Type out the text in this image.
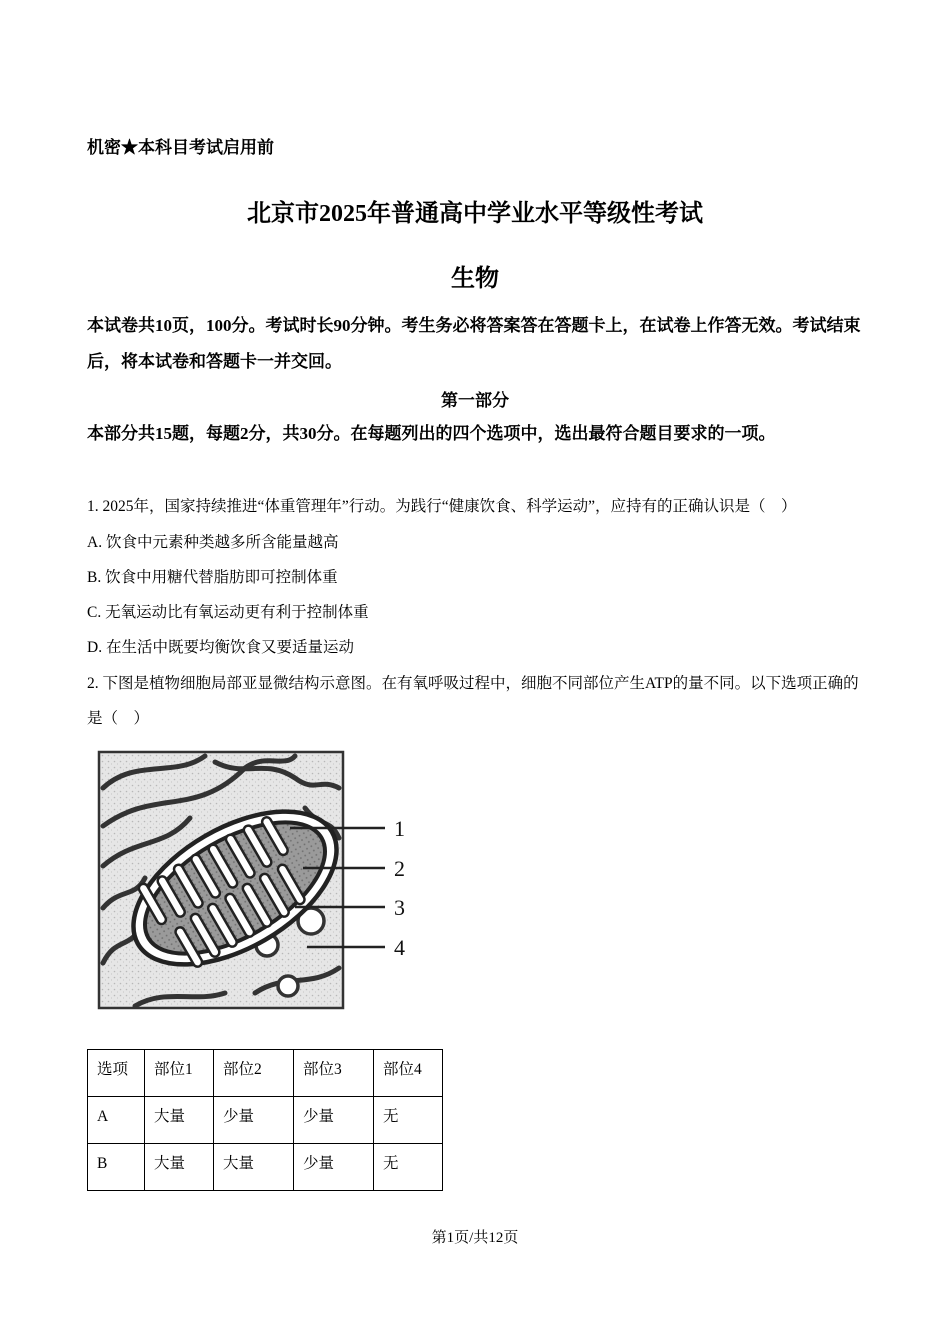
机密★本科目考试启用前
北京市2025年普通高中学业水平等级性考试
生物
本试卷共10页，100分。考试时长90分钟。考生务必将答案答在答题卡上，在试卷上作答无效。考试结束后，将本试卷和答题卡一并交回。
第一部分
本部分共15题，每题2分，共30分。在每题列出的四个选项中，选出最符合题目要求的一项。
1. 2025年，国家持续推进“体重管理年”行动。为践行“健康饮食、科学运动”，应持有的正确认识是（　）
A. 饮食中元素种类越多所含能量越高
B. 饮食中用糖代替脂肪即可控制体重
C. 无氧运动比有氧运动更有利于控制体重
D. 在生活中既要均衡饮食又要适量运动
2. 下图是植物细胞局部亚显微结构示意图。在有氧呼吸过程中，细胞不同部位产生ATP的量不同。以下选项正确的是（　）
1
2
3
4
选项	部位1	部位2	部位3	部位4
A	大量	少量	少量	无
B	大量	大量	少量	无
第1页/共12页
